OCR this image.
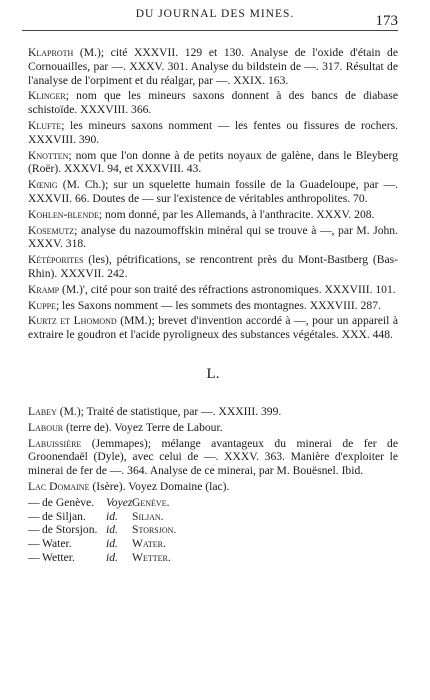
DU JOURNAL DES MINES.	173

Klaproth (M.); cité XXXVII. 129 et 130. Analyse de l'oxide d'étain de Cornouailles, par —. XXXV. 301. Analyse du bildstein de —. 317. Résultat de l'analyse de l'orpiment et du réalgar, par —. XXIX. 163.

Klinger; nom que les mineurs saxons donnent à des bancs de diabase schistoïde. XXXVIII. 366.

Klufte; les mineurs saxons nomment — les fentes ou fissures de rochers. XXXVIII. 390.

Knotten; nom que l'on donne à de petits noyaux de galène, dans le Bleyberg (Roër). XXXVI. 94, et XXXVIII. 43.

Kœnig (M. Ch.); sur un squelette humain fossile de la Guadeloupe, par —. XXXVII. 66. Doutes de — sur l'existence de véritables anthropolites. 70.

Kohlen-blende; nom donné, par les Allemands, à l'anthracite. XXXV. 208.

Kosemutz; analyse du nazoumoffskin minéral qui se trouve à —, par M. John. XXXV. 318.

Kétéporites (les), pétrifications, se rencontrent près du Mont-Bastberg (Bas-Rhin). XXXVII. 242.

Kramp (M.)', cité pour son traité des réfractions astronomiques. XXXVIII. 101.

Kuppe; les Saxons nomment — les sommets des montagnes. XXXVIII. 287.

Kurtz et Lhomond (MM.); brevet d'invention accordé à —, pour un appareil à extraire le goudron et l'acide pyroligneux des substances végétales. XXX. 448.

L.

Labey (M.); Traité de statistique, par —. XXXIII. 399.

Labour (terre de). Voyez Terre de Labour.

Labuissière (Jemmapes); mélange avantageux du minerai de fer de Groonendaël (Dyle), avec celui de —. XXXV. 363. Manière d'exploiter le minerai de fer de —. 364. Analyse de ce minerai, par M. Bouësnel. Ibid.

Lac Domaine (Isère). Voyez Domaine (lac).

— de Genève.	Voyez Genève.
— de Siljan.	id.	Siljan.
— de Storsjon. id.	Storsjon.
— Water.	id.	Water.
— Wetter.	id.	Wetter.
